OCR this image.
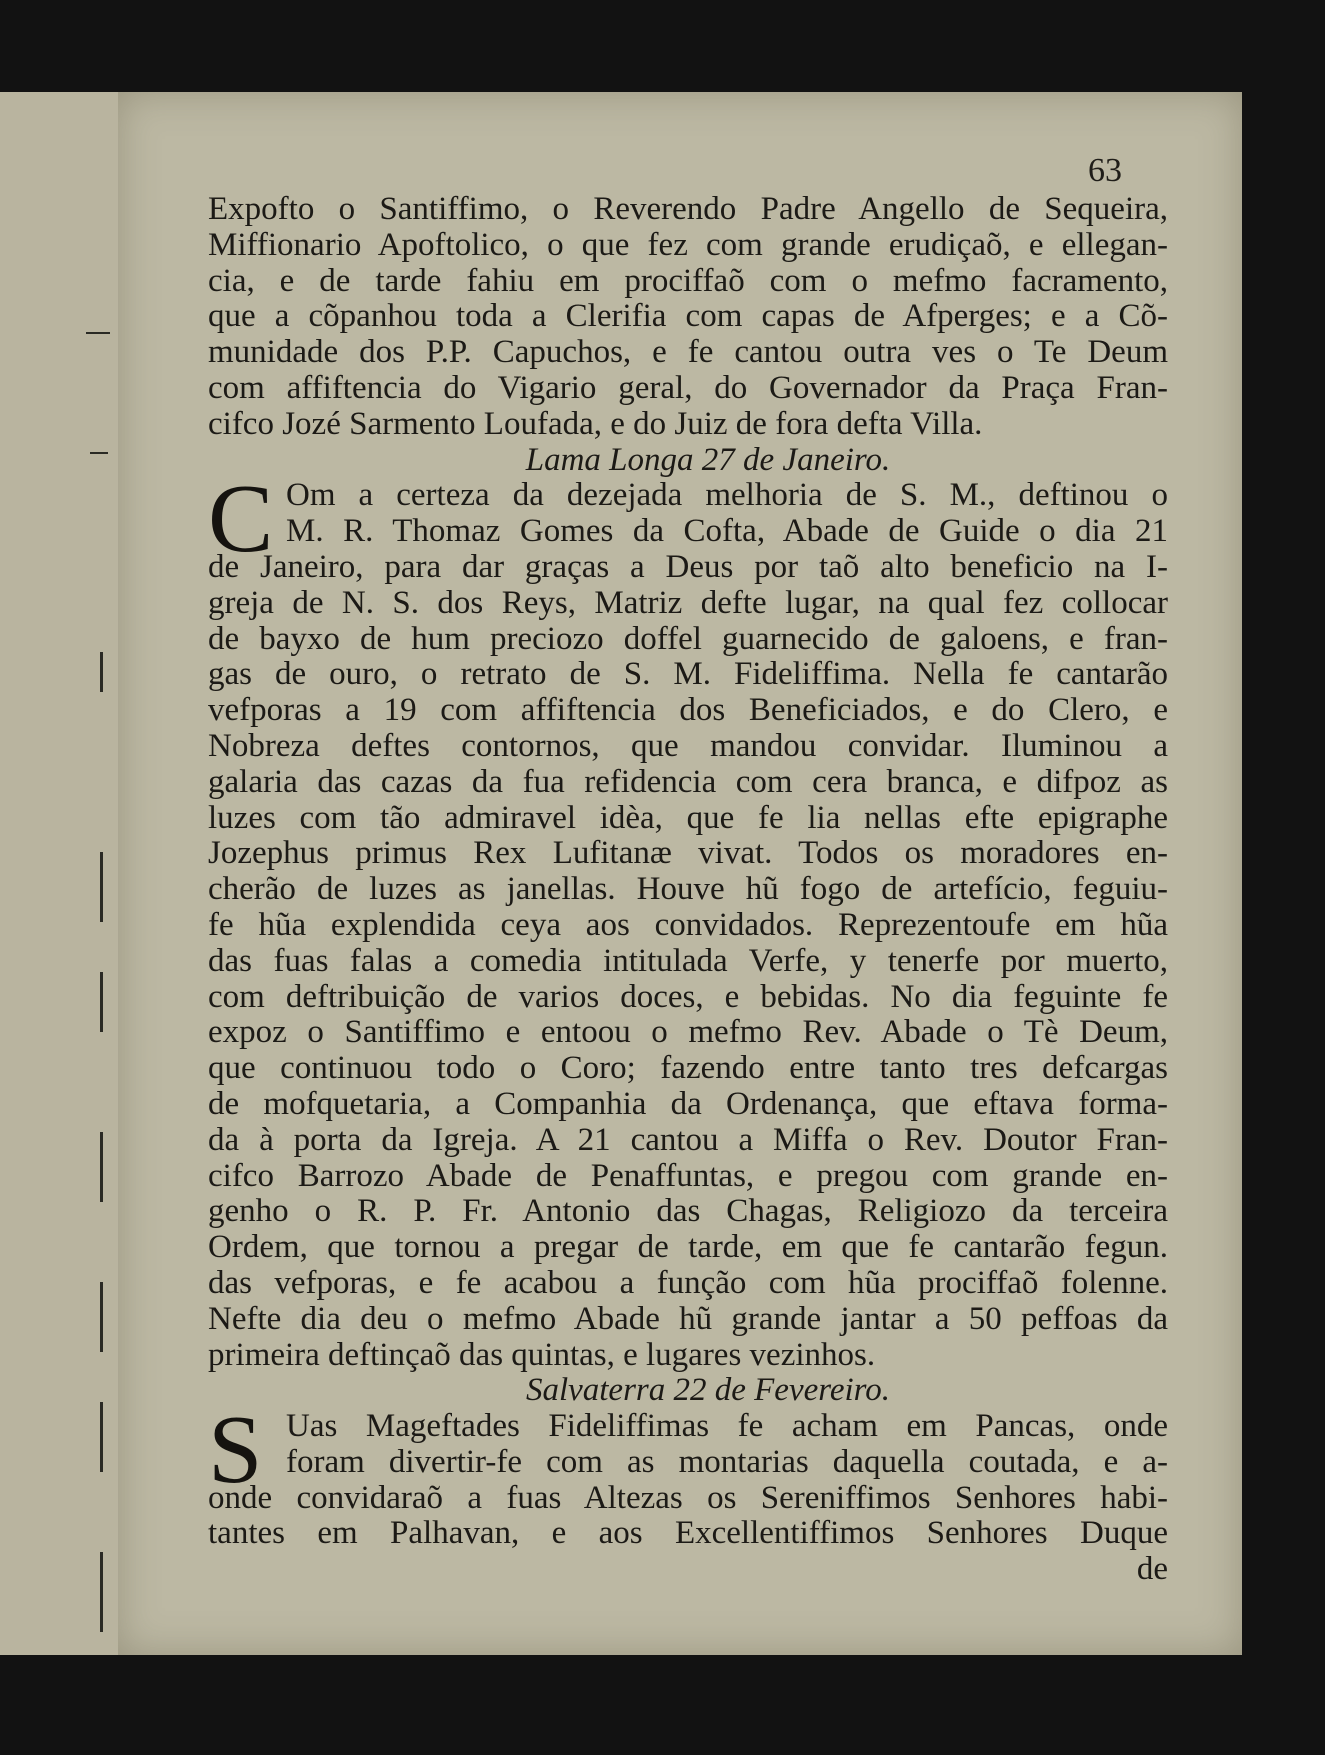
63
Expofto o Santiffimo, o Reverendo Padre Angello de Sequeira,
Miffionario Apoftolico, o que fez com grande erudiçaõ, e ellegan-
cia, e de tarde fahiu em prociffaõ com o mefmo facramento,
que a cõpanhou toda a Clerifia com capas de Afperges; e a Cõ-
munidade dos P.P. Capuchos, e fe cantou outra ves o Te Deum
com affiftencia do Vigario geral, do Governador da Praça Fran-
cifco Jozé Sarmento Loufada, e do Juiz de fora defta Villa.
Lama Longa 27 de Janeiro.
C Om a certeza da dezejada melhoria de S. M., deftinou o
M. R. Thomaz Gomes da Cofta, Abade de Guide o dia 21
de Janeiro, para dar graças a Deus por taõ alto beneficio na I-
greja de N. S. dos Reys, Matriz defte lugar, na qual fez collocar
de bayxo de hum preciozo doffel guarnecido de galoens, e fran-
gas de ouro, o retrato de S. M. Fideliffima. Nella fe cantarão
vefporas a 19 com affiftencia dos Beneficiados, e do Clero, e
Nobreza deftes contornos, que mandou convidar. Iluminou a
galaria das cazas da fua refidencia com cera branca, e difpoz as
luzes com tão admiravel idèa, que fe lia nellas efte epigraphe
Jozephus primus Rex Lufitanæ vivat. Todos os moradores en-
cherão de luzes as janellas. Houve hũ fogo de artefício, feguiu-
fe hũa explendida ceya aos convidados. Reprezentoufe em hũa
das fuas falas a comedia intitulada Verfe, y tenerfe por muerto,
com deftribuição de varios doces, e bebidas. No dia feguinte fe
expoz o Santiffimo e entoou o mefmo Rev. Abade o Tè Deum,
que continuou todo o Coro; fazendo entre tanto tres defcargas
de mofquetaria, a Companhia da Ordenança, que eftava forma-
da à porta da Igreja. A 21 cantou a Miffa o Rev. Doutor Fran-
cifco Barrozo Abade de Penaffuntas, e pregou com grande en-
genho o R. P. Fr. Antonio das Chagas, Religiozo da terceira
Ordem, que tornou a pregar de tarde, em que fe cantarão fegun.
das vefporas, e fe acabou a função com hũa prociffaõ folenne.
Nefte dia deu o mefmo Abade hũ grande jantar a 50 peffoas da
primeira deftinçaõ das quintas, e lugares vezinhos.
Salvaterra 22 de Fevereiro.
S Uas Mageftades Fideliffimas fe acham em Pancas, onde
foram divertir-fe com as montarias daquella coutada, e a-
onde convidaraõ a fuas Altezas os Sereniffimos Senhores habi-
tantes em Palhavan, e aos Excellentiffimos Senhores Duque
de
